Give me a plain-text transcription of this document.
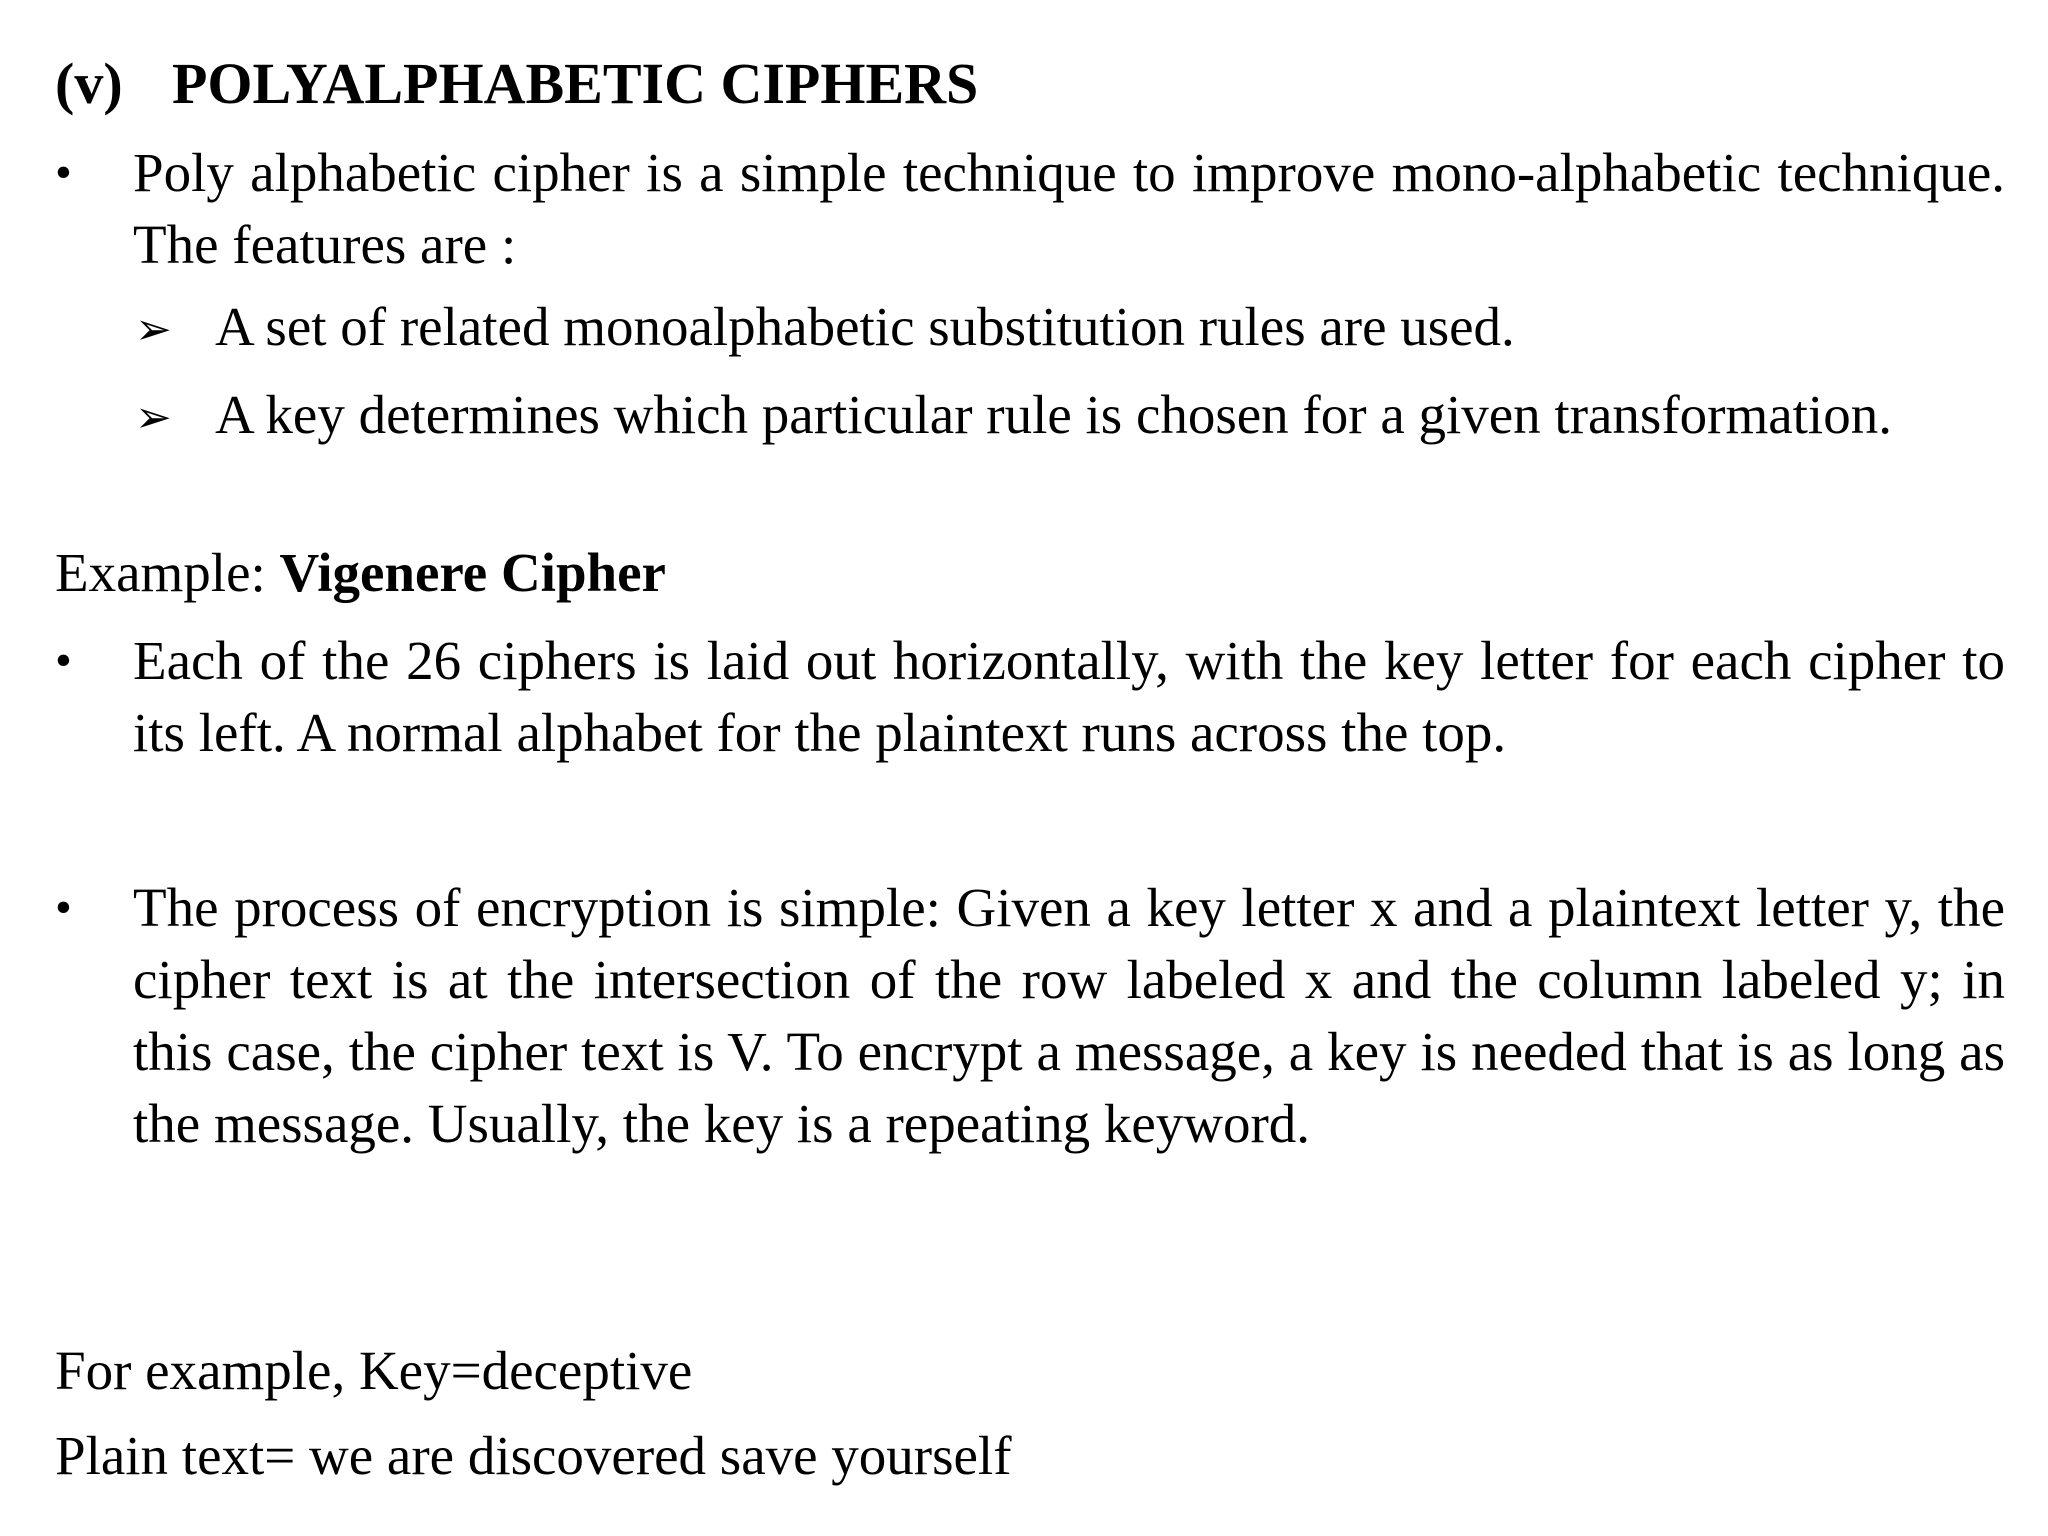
(v) POLYALPHABETIC CIPHERS
•	Poly alphabetic cipher is a simple technique to improve mono-alphabetic technique. The features are :
➢ A set of related monoalphabetic substitution rules are used.
➢ A key determines which particular rule is chosen for a given transformation.
Example: Vigenere Cipher
•	Each of the 26 ciphers is laid out horizontally, with the key letter for each cipher to its left. A normal alphabet for the plaintext runs across the top.
•	The process of encryption is simple: Given a key letter x and a plaintext letter y, the cipher text is at the intersection of the row labeled x and the column labeled y; in this case, the cipher text is V. To encrypt a message, a key is needed that is as long as the message. Usually, the key is a repeating keyword.
For example, Key=deceptive
Plain text= we are discovered save yourself
